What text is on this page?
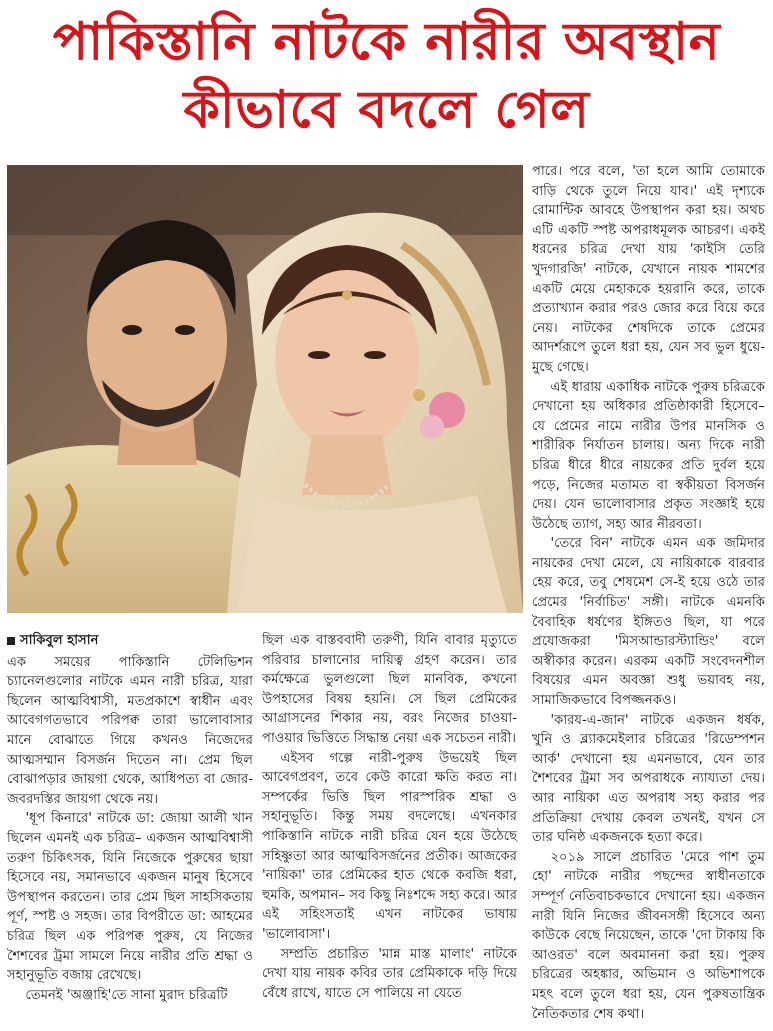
পাকিস্তানি নাটকে নারীর অবস্থান
কীভাবে বদলে গেল
সাকিবুল হাসান

এক সময়ের পাকিস্তানি টেলিভিশন চ্যানেলগুলোর নাটকে এমন নারী চরিত্র, যারা ছিলেন আত্মবিশ্বাসী, মতপ্রকাশে স্বাধীন এবং আবেগগতভাবে পরিপক্ব তারা ভালোবাসার মানে বোঝাতে গিয়ে কখনও নিজেদের আত্মসম্মান বিসর্জন দিতেন না। প্রেম ছিল বোঝাপড়ার জায়গা থেকে, আধিপত্য বা জোর-জবরদস্তির জায়গা থেকে নয়।

'ধূপ কিনারে' নাটকে ডা: জোয়া আলী খান ছিলেন এমনই এক চরিত্র– একজন আত্মবিশ্বাসী তরুণ চিকিৎসক, যিনি নিজেকে পুরুষের ছায়া হিসেবে নয়, সমানভাবে একজন মানুষ হিসেবে উপস্থাপন করতেন। তার প্রেম ছিল সাহসিকতায় পূর্ণ, স্পষ্ট ও সহজ। তার বিপরীতে ডা: আহমের চরিত্র ছিল এক পরিপক্ব পুরুষ, যে নিজের শৈশবের ট্রমা সামলে নিয়ে নারীর প্রতি শ্রদ্ধা ও সহানুভূতি বজায় রেখেছে।

তেমনই 'অঞ্জাহি'তে সানা মুরাদ চরিত্রটি

ছিল এক বাস্তববাদী তরুণী, যিনি বাবার মৃত্যুতে পরিবার চালানোর দায়িত্ব গ্রহণ করেন। তার কর্মক্ষেত্রে ভুলগুলো ছিল মানবিক, কখনো উপহাসের বিষয় হয়নি। সে ছিল প্রেমিকের আগ্রাসনের শিকার নয়, বরং নিজের চাওয়া-পাওয়ার ভিত্তিতে সিদ্ধান্ত নেয়া এক সচেতন নারী।

এইসব গল্পে নারী-পুরুষ উভয়েই ছিল আবেগপ্রবণ, তবে কেউ কারো ক্ষতি করত না। সম্পর্কের ভিত্তি ছিল পারস্পরিক শ্রদ্ধা ও সহানুভূতি। কিন্তু সময় বদলেছে। এখনকার পাকিস্তানি নাটকে নারী চরিত্র যেন হয়ে উঠেছে সহিষ্ণুতা আর আত্মবিসর্জনের প্রতীক। আজকের 'নায়িকা' তার প্রেমিকের হাত থেকে কবজি ধরা, হুমকি, অপমান– সব কিছু নিঃশব্দে সহ্য করে। আর এই সহিংসতাই এখন নাটকের ভাষায় 'ভালোবাসা'।

সম্প্রতি প্রচারিত 'মান্ন মাস্ত মালাং' নাটকে দেখা যায় নায়ক কবির তার প্রেমিকাকে দড়ি দিয়ে বেঁধে রাখে, যাতে সে পালিয়ে না যেতে

পারে। পরে বলে, 'তা হলে আমি তোমাকে বাড়ি থেকে তুলে নিয়ে যাব।' এই দৃশ্যকে রোমান্টিক আবহে উপস্থাপন করা হয়। অথচ এটি একটি স্পষ্ট অপরাধমূলক আচরণ। একই ধরনের চরিত্র দেখা যায় 'কাইসি তেরি খুদগারজি' নাটকে, যেখানে নায়ক শামশের একটি মেয়ে মেহাককে হয়রানি করে, তাকে প্রত্যাখ্যান করার পরও জোর করে বিয়ে করে নেয়। নাটকের শেষদিকে তাকে প্রেমের আদর্শরূপে তুলে ধরা হয়, যেন সব ভুল ধুয়ে-মুছে গেছে।

এই ধারায় একাধিক নাটকে পুরুষ চরিত্রকে দেখানো হয় অধিকার প্রতিষ্ঠাকারী হিসেবে– যে প্রেমের নামে নারীর উপর মানসিক ও শারীরিক নির্যাতন চালায়। অন্য দিকে নারী চরিত্র ধীরে ধীরে নায়কের প্রতি দুর্বল হয়ে পড়ে, নিজের মতামত বা স্বকীয়তা বিসর্জন দেয়। যেন ভালোবাসার প্রকৃত সংজ্ঞাই হয়ে উঠেছে ত্যাগ, সহ্য আর নীরবতা।

'তেরে বিন' নাটকে এমন এক জমিদার নায়কের দেখা মেলে, যে নায়িকাকে বারবার হেয় করে, তবু শেষমেশ সে-ই হয়ে ওঠে তার প্রেমের 'নির্বাচিত' সঙ্গী। নাটকে এমনকি বৈবাহিক ধর্ষণের ইঙ্গিতও ছিল, যা পরে প্রযোজকরা 'মিসআন্ডারস্ট্যান্ডিং' বলে অস্বীকার করেন। এরকম একটি সংবেদনশীল বিষয়ের এমন অবজ্ঞা শুধু ভয়াবহ নয়, সামাজিকভাবে বিপজ্জনকও।

'কারয-এ-জান' নাটকে একজন ধর্ষক, খুনি ও ব্ল্যাকমেইলার চরিত্রের 'রিডেম্পশন আর্ক' দেখানো হয় এমনভাবে, যেন তার শৈশবের ট্রমা সব অপরাধকে ন্যায্যতা দেয়। আর নায়িকা এত অপরাধ সহ্য করার পর প্রতিক্রিয়া দেখায় কেবল তখনই, যখন সে তার ঘনিষ্ঠ একজনকে হত্যা করে।

২০১৯ সালে প্রচারিত 'মেরে পাশ তুম হো' নাটকে নারীর পছন্দের স্বাধীনতাকে সম্পূর্ণ নেতিবাচকভাবে দেখানো হয়। একজন নারী যিনি নিজের জীবনসঙ্গী হিসেবে অন্য কাউকে বেছে নিয়েছেন, তাকে 'দো টাকায় কি আওরত' বলে অবমাননা করা হয়। পুরুষ চরিত্রের অহঙ্কার, অভিমান ও অভিশাপকে মহৎ বলে তুলে ধরা হয়, যেন পুরুষতান্ত্রিক নৈতিকতার শেষ কথা।
